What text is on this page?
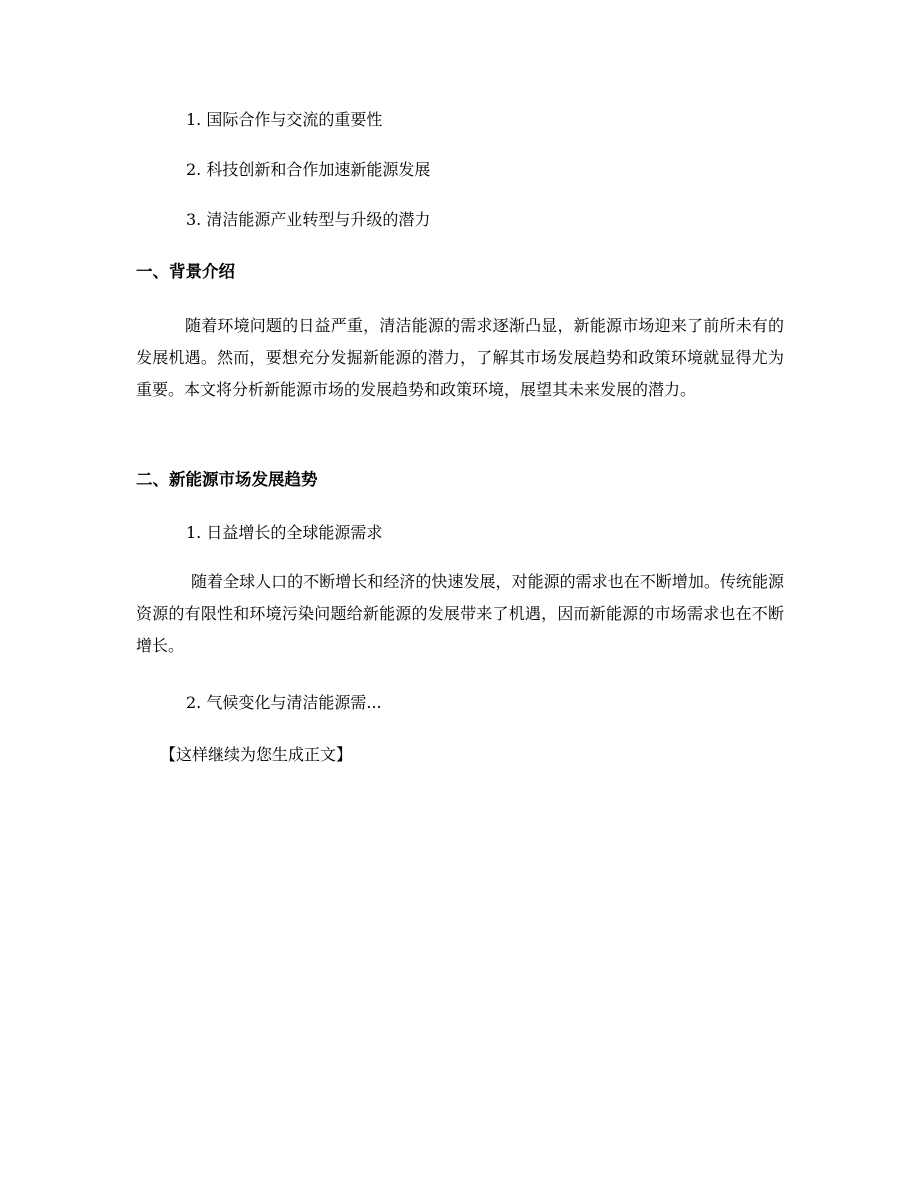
zixin.com.cn
1. 国际合作与交流的重要性
2. 科技创新和合作加速新能源发展
3. 清洁能源产业转型与升级的潜力
一、背景介绍

随着环境问题的日益严重，清洁能源的需求逐渐凸显，新能源市场迎来了前所未有的发展机遇。然而，要想充分发掘新能源的潜力，了解其市场发展趋势和政策环境就显得尤为重要。本文将分析新能源市场的发展趋势和政策环境，展望其未来发展的潜力。

二、新能源市场发展趋势
1. 日益增长的全球能源需求

随着全球人口的不断增长和经济的快速发展，对能源的需求也在不断增加。传统能源资源的有限性和环境污染问题给新能源的发展带来了机遇，因而新能源的市场需求也在不断增长。

2. 气候变化与清洁能源需...
【这样继续为您生成正文】
